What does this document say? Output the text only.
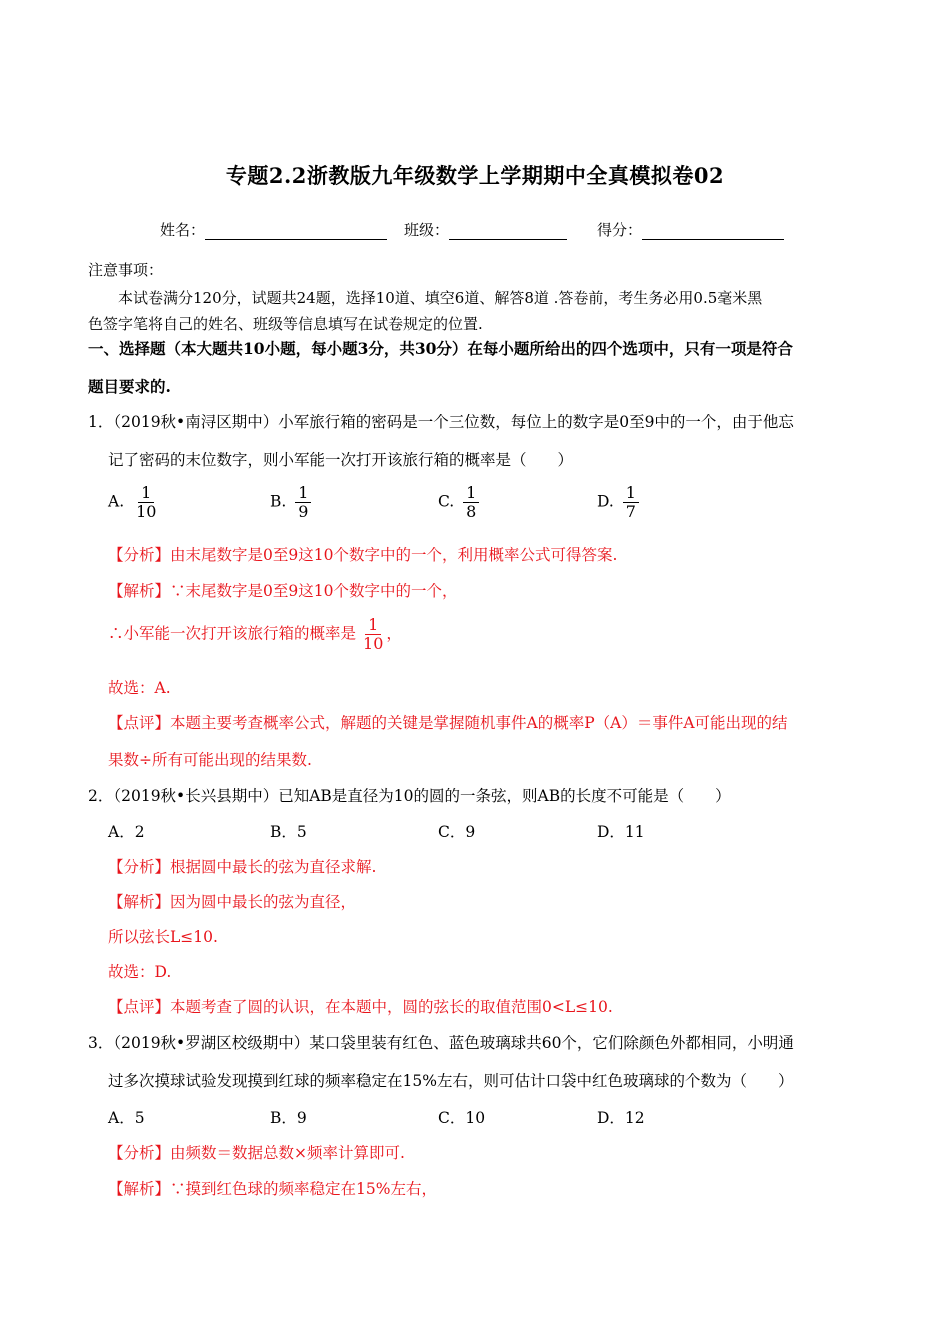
专题2.2浙教版九年级数学上学期期中全真模拟卷02
姓名：	班级：	得分：
注意事项：
本试卷满分120分，试题共24题，选择10道、填空6道、解答8道 .答卷前，考生务必用0.5毫米黑
色签字笔将自己的姓名、班级等信息填写在试卷规定的位置.
一、选择题（本大题共10小题，每小题3分，共30分）在每小题所给出的四个选项中，只有一项是符合
题目要求的.
1．（2019秋•南浔区期中）小军旅行箱的密码是一个三位数，每位上的数字是0至9中的一个，由于他忘
记了密码的末位数字，则小军能一次打开该旅行箱的概率是（　　）
A. $\frac{1}{10}$	B. $\frac{1}{9}$	C. $\frac{1}{8}$	D. $\frac{1}{7}$
【分析】由末尾数字是0至9这10个数字中的一个，利用概率公式可得答案.
【解析】∵末尾数字是0至9这10个数字中的一个，
∴小军能一次打开该旅行箱的概率是 $\frac{1}{10}$ ，
故选：A.
【点评】本题主要考查概率公式，解题的关键是掌握随机事件A的概率P（A）＝事件A可能出现的结
果数÷所有可能出现的结果数.
2．（2019秋•长兴县期中）已知AB是直径为10的圆的一条弦，则AB的长度不可能是（　　）
A．2	B．5	C．9	D．11
【分析】根据圆中最长的弦为直径求解.
【解析】因为圆中最长的弦为直径，
所以弦长L≤10.
故选：D.
【点评】本题考查了圆的认识，在本题中，圆的弦长的取值范围0<L≤10.
3．（2019秋•罗湖区校级期中）某口袋里装有红色、蓝色玻璃球共60个，它们除颜色外都相同，小明通
过多次摸球试验发现摸到红球的频率稳定在15%左右，则可估计口袋中红色玻璃球的个数为（　　）
A．5	B．9	C．10	D．12
【分析】由频数＝数据总数×频率计算即可.
【解析】∵摸到红色球的频率稳定在15%左右，
